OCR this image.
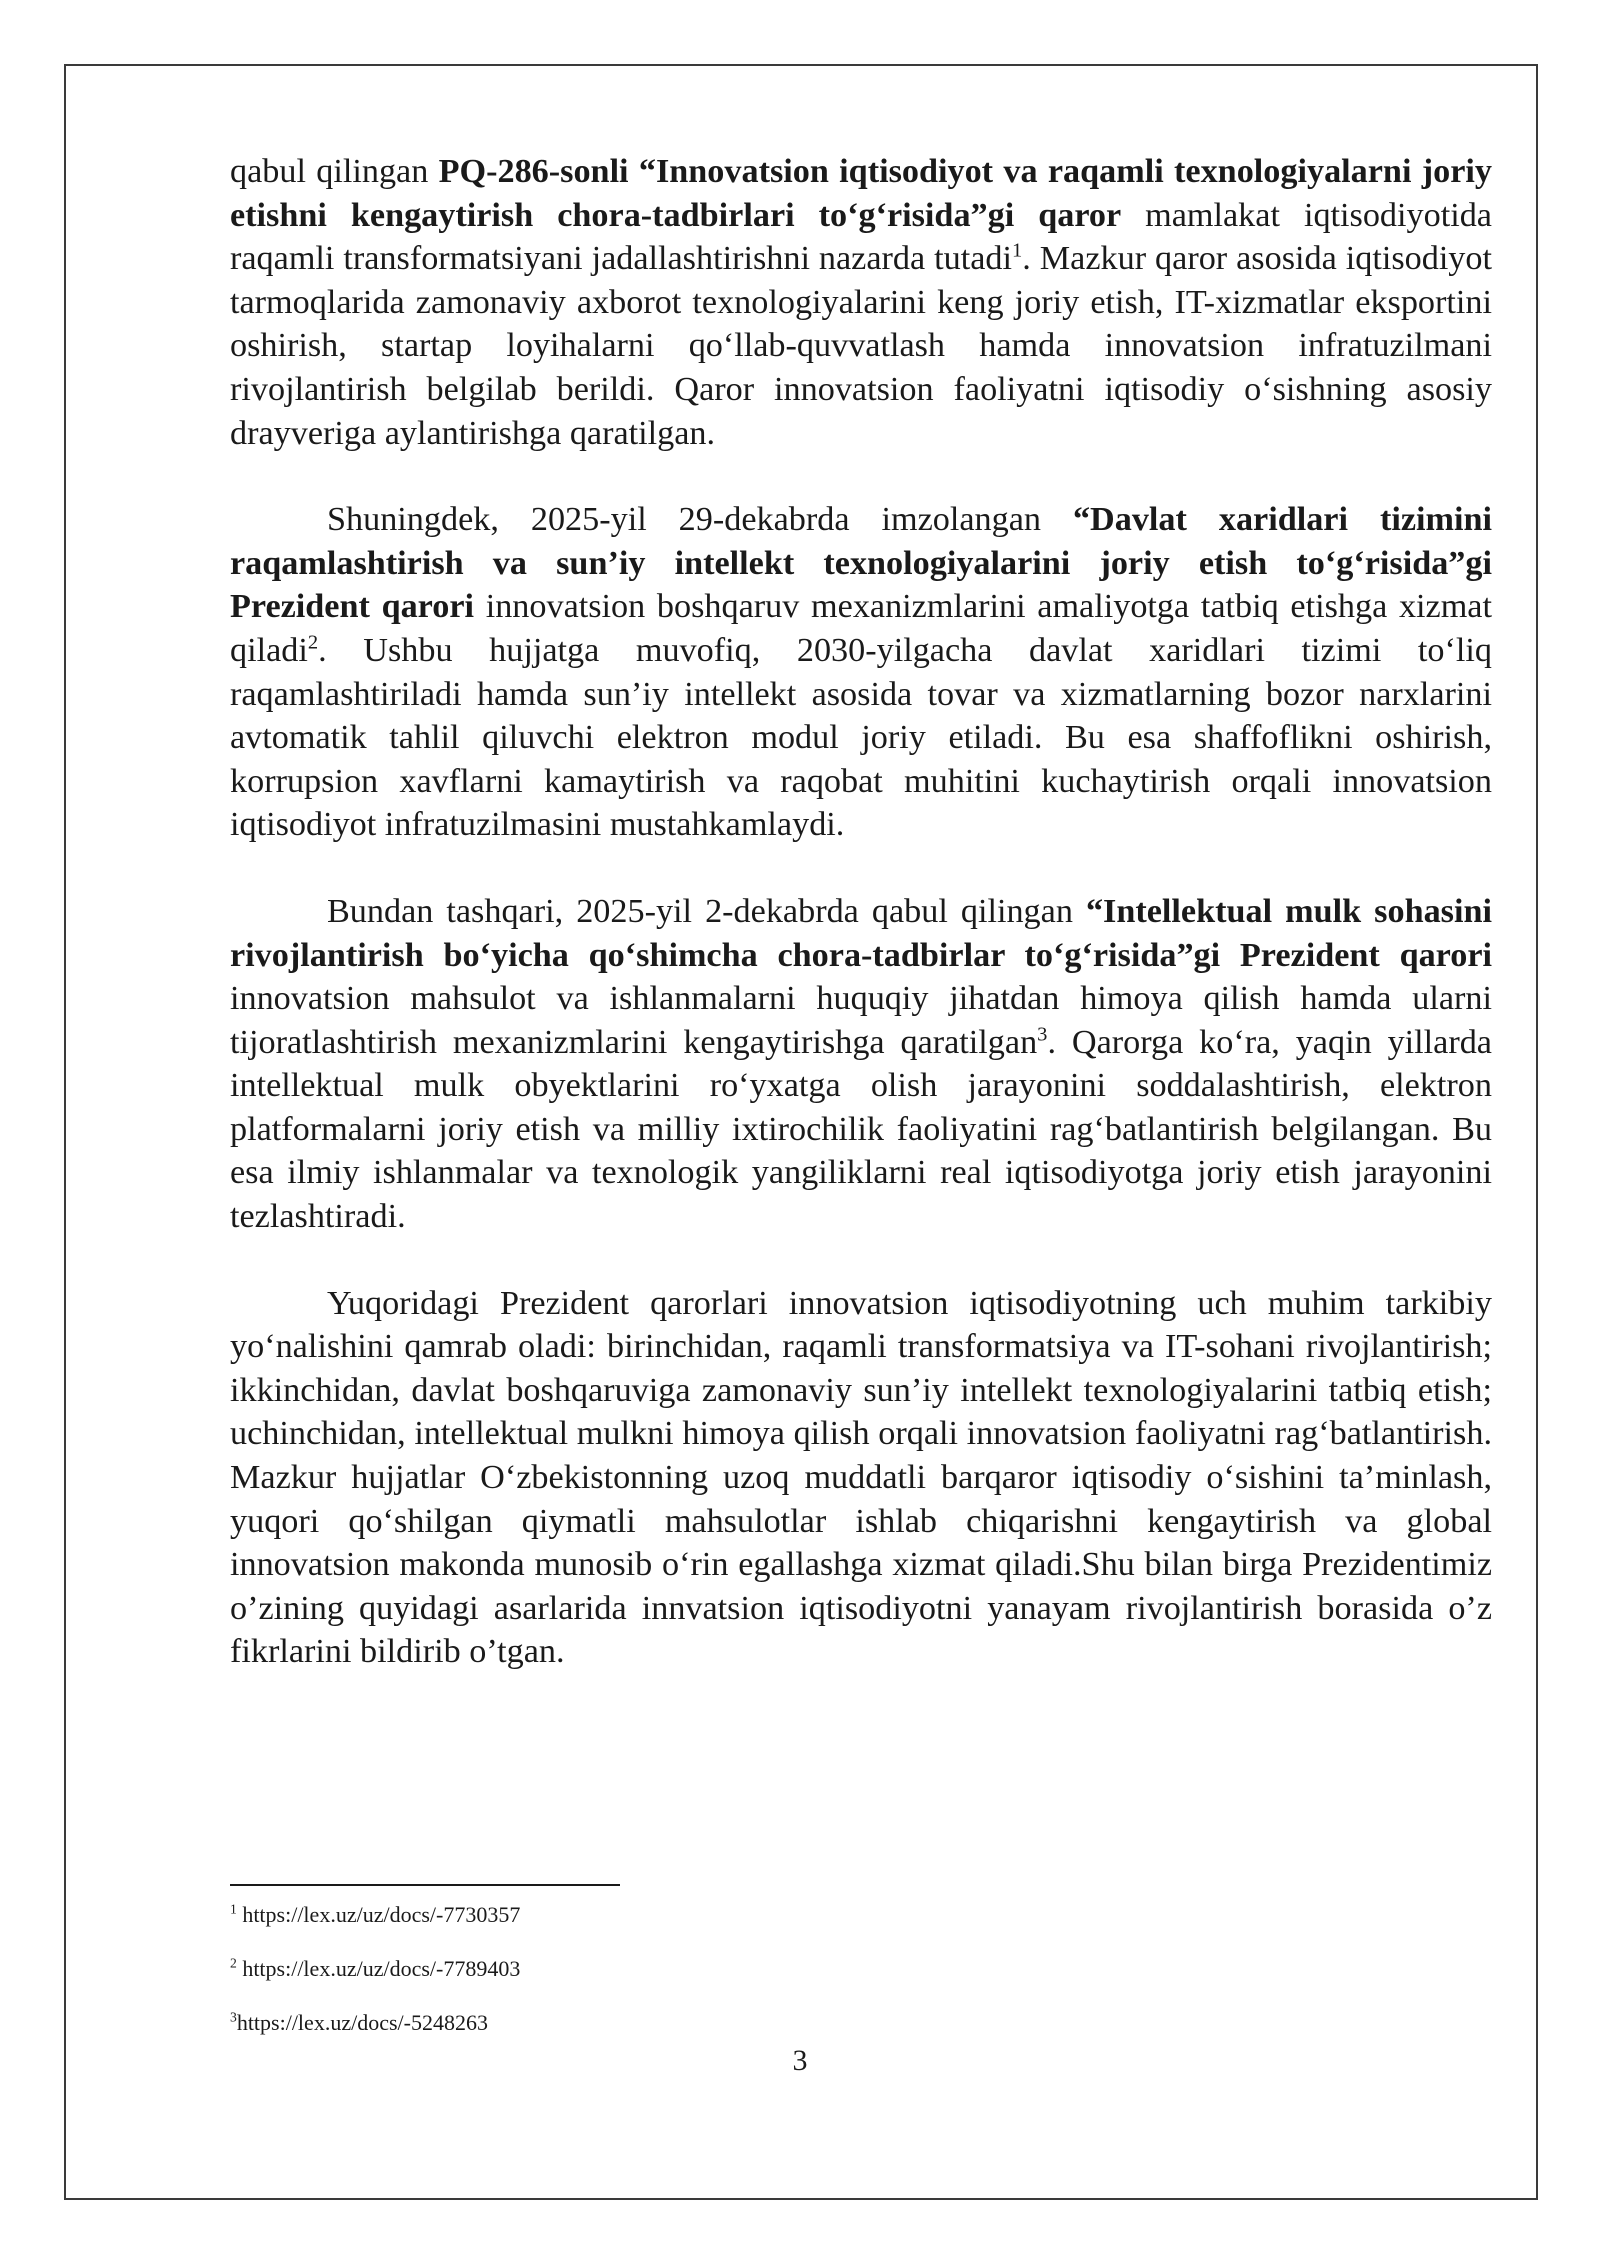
qabul qilingan PQ-286-sonli “Innovatsion iqtisodiyot va raqamli texnologiyalarni joriy etishni kengaytirish chora-tadbirlari to‘g‘risida”gi qaror mamlakat iqtisodiyotida raqamli transformatsiyani jadallashtirishni nazarda tutadi$^1$. Mazkur qaror asosida iqtisodiyot tarmoqlarida zamonaviy axborot texnologiyalarini keng joriy etish, IT-xizmatlar eksportini oshirish, startap loyihalarni qo‘llab-quvvatlash hamda innovatsion infratuzilmani rivojlantirish belgilab berildi. Qaror innovatsion faoliyatni iqtisodiy o‘sishning asosiy drayveriga aylantirishga qaratilgan.

Shuningdek, 2025-yil 29-dekabrda imzolangan “Davlat xaridlari tizimini raqamlashtirish va sun’iy intellekt texnologiyalarini joriy etish to‘g‘risida”gi Prezident qarori innovatsion boshqaruv mexanizmlarini amaliyotga tatbiq etishga xizmat qiladi$^2$. Ushbu hujjatga muvofiq, 2030-yilgacha davlat xaridlari tizimi to‘liq raqamlashtiriladi hamda sun’iy intellekt asosida tovar va xizmatlarning bozor narxlarini avtomatik tahlil qiluvchi elektron modul joriy etiladi. Bu esa shaffoflikni oshirish, korrupsion xavflarni kamaytirish va raqobat muhitini kuchaytirish orqali innovatsion iqtisodiyot infratuzilmasini mustahkamlaydi.

Bundan tashqari, 2025-yil 2-dekabrda qabul qilingan “Intellektual mulk sohasini rivojlantirish bo‘yicha qo‘shimcha chora-tadbirlar to‘g‘risida”gi Prezident qarori innovatsion mahsulot va ishlanmalarni huquqiy jihatdan himoya qilish hamda ularni tijoratlashtirish mexanizmlarini kengaytirishga qaratilgan$^3$. Qarorga ko‘ra, yaqin yillarda intellektual mulk obyektlarini ro‘yxatga olish jarayonini soddalashtirish, elektron platformalarni joriy etish va milliy ixtirochilik faoliyatini rag‘batlantirish belgilangan. Bu esa ilmiy ishlanmalar va texnologik yangiliklarni real iqtisodiyotga joriy etish jarayonini tezlashtiradi.

Yuqoridagi Prezident qarorlari innovatsion iqtisodiyotning uch muhim tarkibiy yo‘nalishini qamrab oladi: birinchidan, raqamli transformatsiya va IT-sohani rivojlantirish; ikkinchidan, davlat boshqaruviga zamonaviy sun’iy intellekt texnologiyalarini tatbiq etish; uchinchidan, intellektual mulkni himoya qilish orqali innovatsion faoliyatni rag‘batlantirish. Mazkur hujjatlar O‘zbekistonning uzoq muddatli barqaror iqtisodiy o‘sishini ta’minlash, yuqori qo‘shilgan qiymatli mahsulotlar ishlab chiqarishni kengaytirish va global innovatsion makonda munosib o‘rin egallashga xizmat qiladi.Shu bilan birga Prezidentimiz o’zining quyidagi asarlarida innvatsion iqtisodiyotni yanayam rivojlantirish borasida o’z fikrlarini bildirib o’tgan.

$^1$ https://lex.uz/uz/docs/-7730357
$^2$ https://lex.uz/uz/docs/-7789403
$^3$https://lex.uz/docs/-5248263
3
